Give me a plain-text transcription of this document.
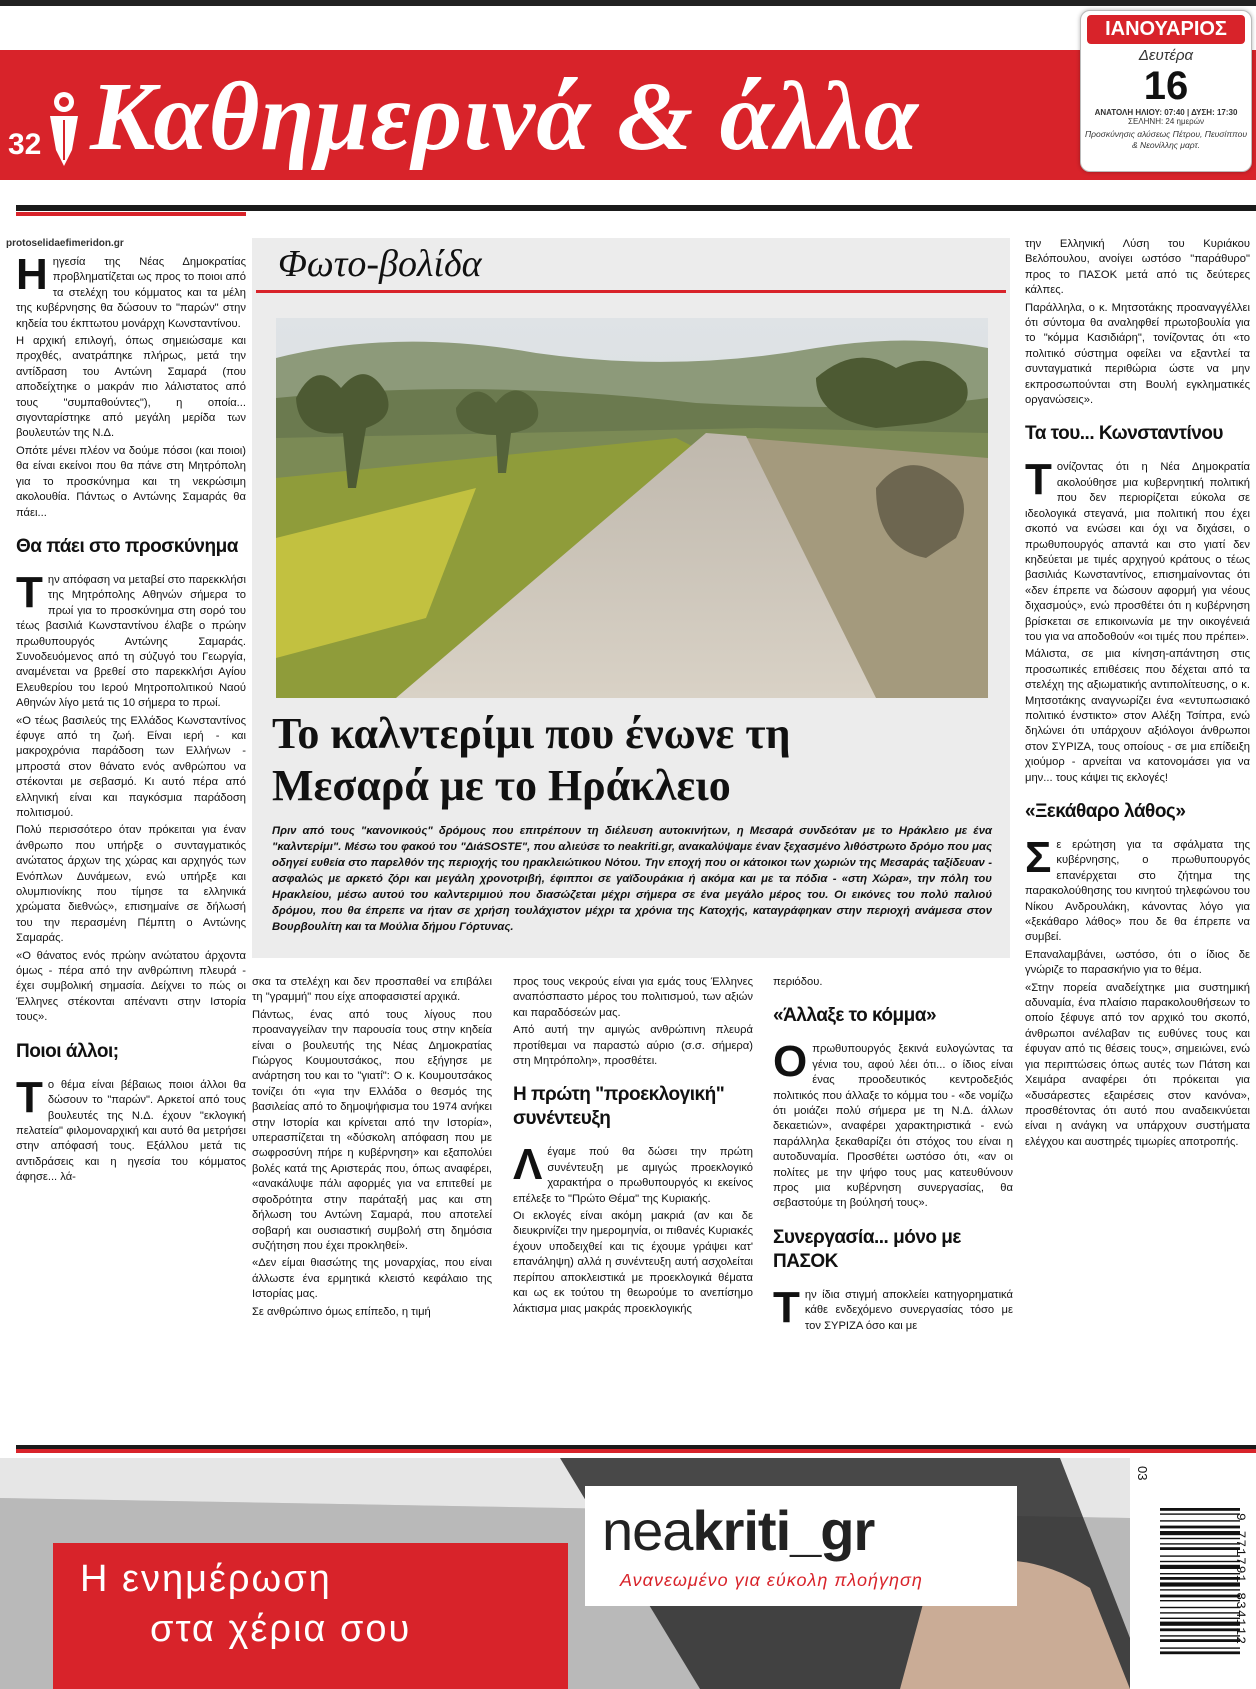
32 Καθημερινά & άλλα
ΙΑΝΟΥΑΡΙΟΣ
Δευτέρα
16
ΑΝΑΤΟΛΗ ΗΛΙΟΥ: 07:40 | ΔΥΣΗ: 17:30
ΣΕΛΗΝΗ: 24 ημερών
Προσκύνησις αλύσεως Πέτρου, Πευσίππου & Νεονίλλης μαρτ.
protoselidaefimeridon.gr

Ηηγεσία της Νέας Δημοκρατίας προβληματίζεται ως προς το ποιοι από τα στελέχη του κόμματος και τα μέλη της κυβέρνησης θα δώσουν το "παρών" στην κηδεία του έκπτωτου μονάρχη Κωνσταντίνου.

Η αρχική επιλογή, όπως σημειώσαμε και προχθές, ανατράπηκε πλήρως, μετά την αντίδραση του Αντώνη Σαμαρά (που αποδείχτηκε ο μακράν πιο λάλιστατος από τους "συμπαθούντες"), η οποία... σιγονταρίστηκε από μεγάλη μερίδα των βουλευτών της Ν.Δ.

Οπότε μένει πλέον να δούμε πόσοι (και ποιοι) θα είναι εκείνοι που θα πάνε στη Μητρόπολη για το προσκύνημα και τη νεκρώσιμη ακολουθία. Πάντως ο Αντώνης Σαμαράς θα πάει...

Θα πάει στο προσκύνημα

Την απόφαση να μεταβεί στο παρεκκλήσι της Μητρόπολης Αθηνών σήμερα το πρωί για το προσκύνημα στη σορό του τέως βασιλιά Κωνσταντίνου έλαβε ο πρώην πρωθυπουργός Αντώνης Σαμαράς. Συνοδευόμενος από τη σύζυγό του Γεωργία, αναμένεται να βρεθεί στο παρεκκλήσι Αγίου Ελευθερίου του Ιερού Μητροπολιτικού Ναού Αθηνών λίγο μετά τις 10 σήμερα το πρωί.

«Ο τέως βασιλεύς της Ελλάδος Κωνσταντίνος έφυγε από τη ζωή. Είναι ιερή - και μακροχρόνια παράδοση των Ελλήνων - μπροστά στον θάνατο ενός ανθρώπου να στέκονται με σεβασμό. Κι αυτό πέρα από ελληνική είναι και παγκόσμια παράδοση πολιτισμού.

Πολύ περισσότερο όταν πρόκειται για έναν άνθρωπο που υπήρξε ο συνταγματικός ανώτατος άρχων της χώρας και αρχηγός των Ενόπλων Δυνάμεων, ενώ υπήρξε και ολυμπιονίκης που τίμησε τα ελληνικά χρώματα διεθνώς», επισημαίνε σε δήλωσή του την περασμένη Πέμπτη ο Αντώνης Σαμαράς.

«Ο θάνατος ενός πρώην ανώτατου άρχοντα όμως - πέρα από την ανθρώπινη πλευρά - έχει συμβολική σημασία. Δείχνει το πώς οι Έλληνες στέκονται απέναντι στην Ιστορία τους».

Ποιοι άλλοι;

Το θέμα είναι βέβαιως ποιοι άλλοι θα δώσουν το "παρών". Αρκετοί από τους βουλευτές της Ν.Δ. έχουν "εκλογική πελατεία" φιλομοναρχική και αυτό θα μετρήσει στην απόφασή τους. Εξάλλου μετά τις αντιδράσεις και η ηγεσία του κόμματος άφησε... λά-

Φωτο-βολίδα
Το καλντερίμι που ένωνε τη
Μεσαρά με το Ηράκλειο
Πριν από τους "κανονικούς" δρόμους που επιτρέπουν τη διέλευση αυτοκινήτων, η Μεσαρά συνδεόταν με το Ηράκλειο με ένα "καλντερίμι". Μέσω του φακού του "ΔιάSOSTE", που αλιεύσε το neakriti.gr, ανακαλύψαμε έναν ξεχασμένο λιθόστρωτο δρόμο που μας οδηγεί ευθεία στο παρελθόν της περιοχής του ηρακλειώτικου Νότου. Την εποχή που οι κάτοικοι των χωριών της Μεσαράς ταξίδευαν - ασφαλώς με αρκετό ζόρι και μεγάλη χρονοτριβή, έφιπποι σε γαϊδουράκια ή ακόμα και με τα πόδια - «στη Χώρα», την πόλη του Ηρακλείου, μέσω αυτού του καλντεριμιού που διασώζεται μέχρι σήμερα σε ένα μεγάλο μέρος του. Οι εικόνες του πολύ παλιού δρόμου, που θα έπρεπε να ήταν σε χρήση τουλάχιστον μέχρι τα χρόνια της Κατοχής, καταγράφηκαν στην περιοχή ανάμεσα στον Βουρβουλίτη και τα Μούλια δήμου Γόρτυνας.

σκα τα στελέχη και δεν προσπαθεί να επιβάλει τη "γραμμή" που είχε αποφασιστεί αρχικά.

Πάντως, ένας από τους λίγους που προαναγγείλαν την παρουσία τους στην κηδεία είναι ο βουλευτής της Νέας Δημοκρατίας Γιώργος Κουμουτσάκος, που εξήγησε με ανάρτηση του και το "γιατί": Ο κ. Κουμουτσάκος τονίζει ότι «για την Ελλάδα ο θεσμός της βασιλείας από το δημοψήφισμα του 1974 ανήκει στην Ιστορία και κρίνεται από την Ιστορία», υπερασπίζεται τη «δύσκολη απόφαση που με σωφροσύνη πήρε η κυβέρνηση» και εξαπολύει βολές κατά της Αριστεράς που, όπως αναφέρει, «ανακάλυψε πάλι αφορμές για να επιτεθεί με σφοδρότητα στην παράταξή μας και στη δήλωση του Αντώνη Σαμαρά, που αποτελεί σοβαρή και ουσιαστική συμβολή στη δημόσια συζήτηση που έχει προκληθεί».

«Δεν είμαι θιασώτης της μοναρχίας, που είναι άλλωστε ένα ερμητικά κλειστό κεφάλαιο της Ιστορίας μας.

Σε ανθρώπινο όμως επίπεδο, η τιμή

προς τους νεκρούς είναι για εμάς τους Έλληνες αναπόσπαστο μέρος του πολιτισμού, των αξιών και παραδόσεών μας.

Από αυτή την αμιγώς ανθρώπινη πλευρά προτίθεμαι να παραστώ αύριο (σ.σ. σήμερα) στη Μητρόπολη», προσθέτει.

Η πρώτη "προεκλογική" συνέντευξη

Λέγαμε πού θα δώσει την πρώτη συνέντευξη με αμιγώς προεκλογικό χαρακτήρα ο πρωθυπουργός κι εκείνος επέλεξε το "Πρώτο Θέμα" της Κυριακής.

Οι εκλογές είναι ακόμη μακριά (αν και δε διευκρινίζει την ημερομηνία, οι πιθανές Κυριακές έχουν υποδειχθεί και τις έχουμε γράψει κατ' επανάληψη) αλλά η συνέντευξη αυτή ασχολείται περίπου αποκλειστικά με προεκλογικά θέματα και ως εκ τούτου τη θεωρούμε το ανεπίσημο λάκτισμα μιας μακράς προεκλογικής

περιόδου.

«Άλλαξε το κόμμα»

Οπρωθυπουργός ξεκινά ευλογώντας τα γένια του, αφού λέει ότι... ο ίδιος είναι ένας προοδευτικός κεντροδεξιός πολιτικός που άλλαξε το κόμμα του - «δε νομίζω ότι μοιάζει πολύ σήμερα με τη Ν.Δ. άλλων δεκαετιών», αναφέρει χαρακτηριστικά - ενώ παράλληλα ξεκαθαρίζει ότι στόχος του είναι η αυτοδυναμία. Προσθέτει ωστόσο ότι, «αν οι πολίτες με την ψήφο τους μας κατευθύνουν προς μια κυβέρνηση συνεργασίας, θα σεβαστούμε τη βούλησή τους».

Συνεργασία... μόνο με ΠΑΣΟΚ

Την ίδια στιγμή αποκλείει κατηγορηματικά κάθε ενδεχόμενο συνεργασίας τόσο με τον ΣΥΡΙΖΑ όσο και με

την Ελληνική Λύση του Κυριάκου Βελόπουλου, ανοίγει ωστόσο "παράθυρο" προς το ΠΑΣΟΚ μετά από τις δεύτερες κάλπες.

Παράλληλα, ο κ. Μητσοτάκης προαναγγέλλει ότι σύντομα θα αναληφθεί πρωτοβουλία για το "κόμμα Κασιδιάρη", τονίζοντας ότι «το πολιτικό σύστημα οφείλει να εξαντλεί τα συνταγματικά περιθώρια ώστε να μην εκπροσωπούνται στη Βουλή εγκληματικές οργανώσεις».

Τα του... Κωνσταντίνου

Τονίζοντας ότι η Νέα Δημοκρατία ακολούθησε μια κυβερνητική πολιτική που δεν περιορίζεται εύκολα σε ιδεολογικά στεγανά, μια πολιτική που έχει σκοπό να ενώσει και όχι να διχάσει, ο πρωθυπουργός απαντά και στο γιατί δεν κηδεύεται με τιμές αρχηγού κράτους ο τέως βασιλιάς Κωνσταντίνος, επισημαίνοντας ότι «δεν έπρεπε να δώσουν αφορμή για νέους διχασμούς», ενώ προσθέτει ότι η κυβέρνηση βρίσκεται σε επικοινωνία με την οικογένειά του για να αποδοθούν «οι τιμές που πρέπει».

Μάλιστα, σε μια κίνηση-απάντηση στις προσωπικές επιθέσεις που δέχεται από τα στελέχη της αξιωματικής αντιπολίτευσης, ο κ. Μητσοτάκης αναγνωρίζει ένα «εντυπωσιακό πολιτικό ένστικτο» στον Αλέξη Τσίπρα, ενώ δηλώνει ότι υπάρχουν αξιόλογοι άνθρωποι στον ΣΥΡΙΖΑ, τους οποίους - σε μια επίδειξη χιούμορ - αρνείται να κατονομάσει για να μην... τους κάψει τις εκλογές!

«Ξεκάθαρο λάθος»

Σε ερώτηση για τα σφάλματα της κυβέρνησης, ο πρωθυπουργός επανέρχεται στο ζήτημα της παρακολούθησης του κινητού τηλεφώνου του Νίκου Ανδρουλάκη, κάνοντας λόγο για «ξεκάθαρο λάθος» που δε θα έπρεπε να συμβεί.

Επαναλαμβάνει, ωστόσο, ότι ο ίδιος δε γνώριζε το παρασκήνιο για το θέμα.

«Στην πορεία αναδείχτηκε μια συστημική αδυναμία, ένα πλαίσιο παρακολουθήσεων το οποίο ξέφυγε από τον αρχικό του σκοπό, άνθρωποι ανέλαβαν τις ευθύνες τους και έφυγαν από τις θέσεις τους», σημειώνει, ενώ για περιπτώσεις όπως αυτές των Πάτση και Χειμάρα αναφέρει ότι πρόκειται για «δυσάρεστες εξαιρέσεις στον κανόνα», προσθέτοντας ότι αυτό που αναδεικνύεται είναι η ανάγκη να υπάρχουν συστήματα ελέγχου και αυστηρές τιμωρίες αποτροπής.

Η ενημέρωση
στα χέρια σου
neakriti_gr
Ανανεωμένο για εύκολη πλοήγηση
03
9 771791 834112
